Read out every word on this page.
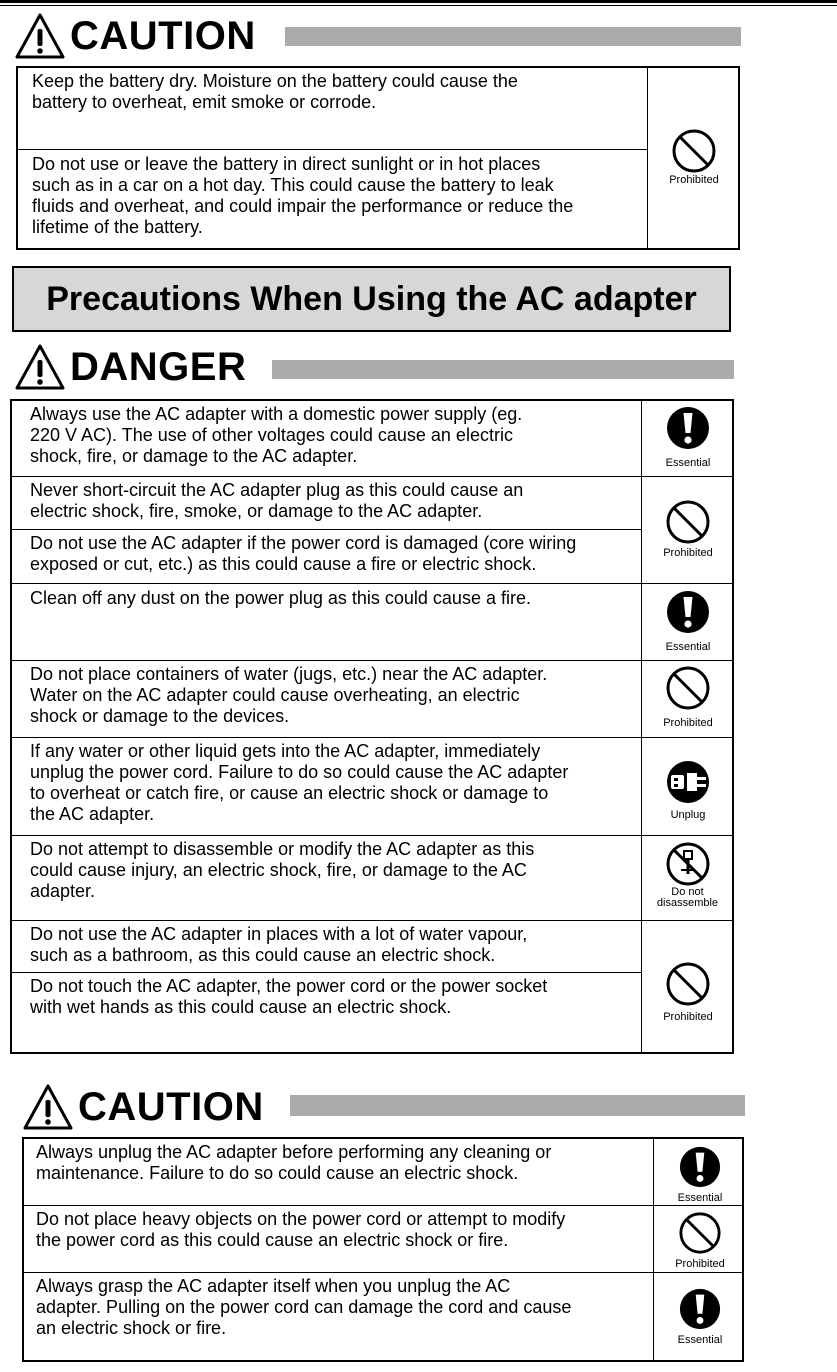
CAUTION
Keep the battery dry. Moisture on the battery could cause the
battery to overheat, emit smoke or corrode.
Do not use or leave the battery in direct sunlight or in hot places
such as in a car on a hot day. This could cause the battery to leak
fluids and overheat, and could impair the performance or reduce the
lifetime of the battery.
Prohibited
Precautions When Using the AC adapter
DANGER
Always use the AC adapter with a domestic power supply (eg.
220 V AC). The use of other voltages could cause an electric
shock, fire, or damage to the AC adapter.
Never short-circuit the AC adapter plug as this could cause an
electric shock, fire, smoke, or damage to the AC adapter.
Do not use the AC adapter if the power cord is damaged (core wiring
exposed or cut, etc.) as this could cause a fire or electric shock.
Clean off any dust on the power plug as this could cause a fire.
Do not place containers of water (jugs, etc.) near the AC adapter.
Water on the AC adapter could cause overheating, an electric
shock or damage to the devices.
If any water or other liquid gets into the AC adapter, immediately
unplug the power cord. Failure to do so could cause the AC adapter
to overheat or catch fire, or cause an electric shock or damage to
the AC adapter.
Do not attempt to disassemble or modify the AC adapter as this
could cause injury, an electric shock, fire, or damage to the AC
adapter.
Do not use the AC adapter in places with a lot of water vapour,
such as a bathroom, as this could cause an electric shock.
Do not touch the AC adapter, the power cord or the power socket
with wet hands as this could cause an electric shock.
Essential
Prohibited
Essential
Prohibited
Unplug
Do not
disassemble
Prohibited
CAUTION
Always unplug the AC adapter before performing any cleaning or
maintenance. Failure to do so could cause an electric shock.
Do not place heavy objects on the power cord or attempt to modify
the power cord as this could cause an electric shock or fire.
Always grasp the AC adapter itself when you unplug the AC
adapter. Pulling on the power cord can damage the cord and cause
an electric shock or fire.
Essential
Prohibited
Essential
